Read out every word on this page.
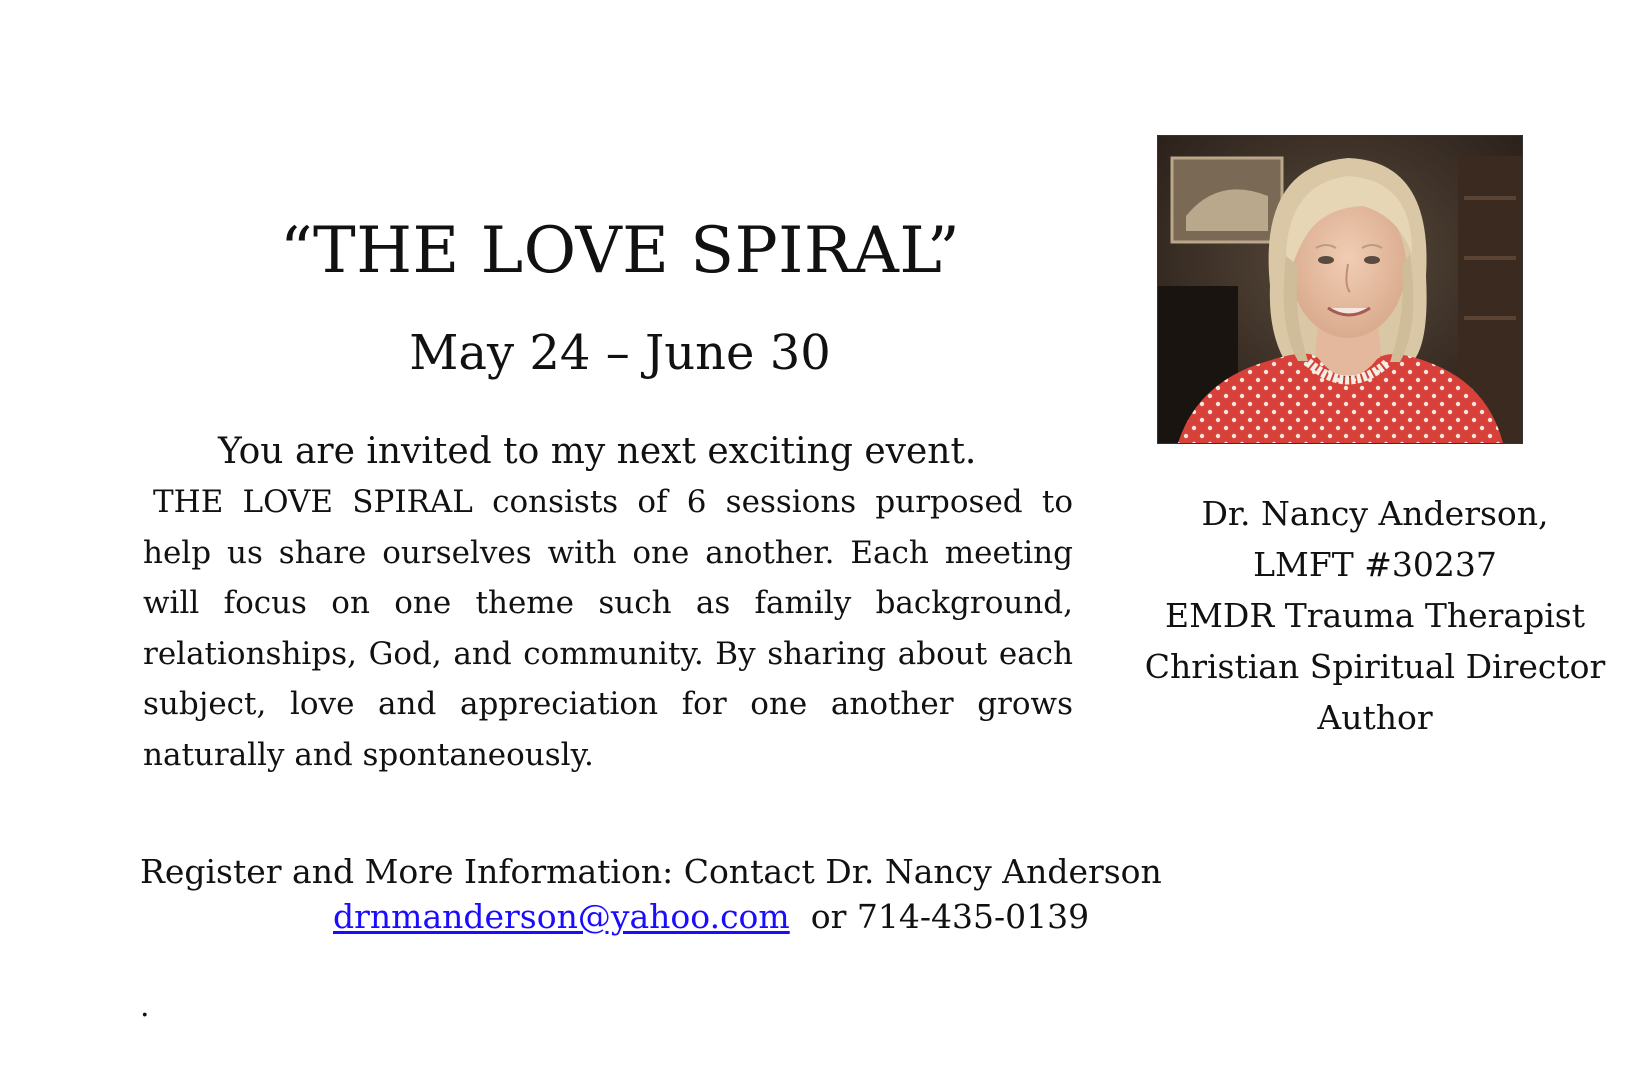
“THE LOVE SPIRAL”
May 24 – June 30
You are invited to my next exciting event.

THE LOVE SPIRAL consists of 6 sessions purposed to help us share ourselves with one another. Each meeting will focus on one theme such as family background, relationships, God, and community. By sharing about each subject, love and appreciation for one another grows naturally and spontaneously.

Register and More Information: Contact Dr. Nancy Anderson
drnmanderson@yahoo.com  or 714-435-0139
.
Dr. Nancy Anderson,
LMFT #30237
EMDR Trauma Therapist
Christian Spiritual Director
Author
